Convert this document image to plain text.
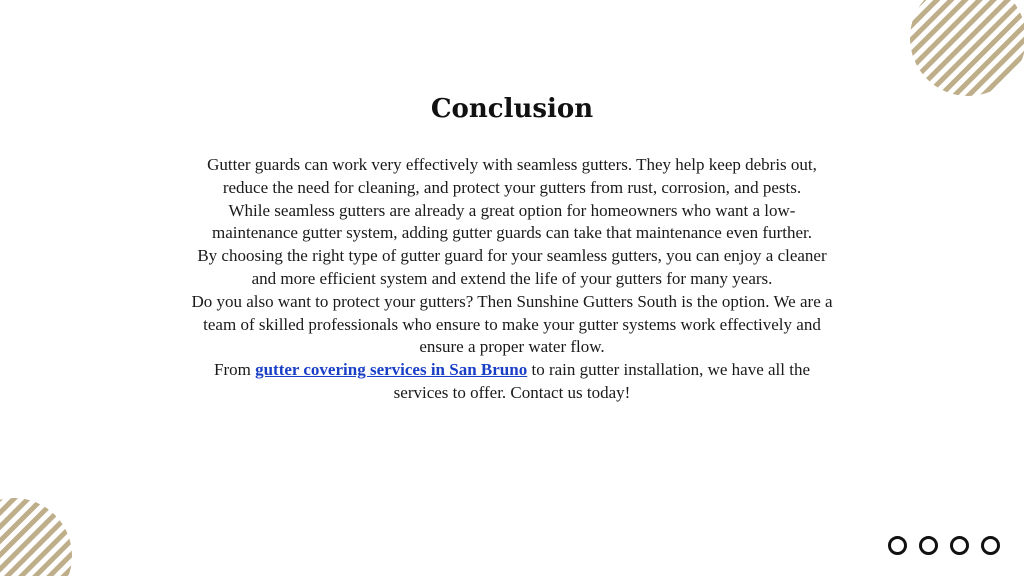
Conclusion

Gutter guards can work very effectively with seamless gutters. They help keep debris out, reduce the need for cleaning, and protect your gutters from rust, corrosion, and pests.

While seamless gutters are already a great option for homeowners who want a low-maintenance gutter system, adding gutter guards can take that maintenance even further.

By choosing the right type of gutter guard for your seamless gutters, you can enjoy a cleaner and more efficient system and extend the life of your gutters for many years.

Do you also want to protect your gutters? Then Sunshine Gutters South is the option. We are a team of skilled professionals who ensure to make your gutter systems work effectively and ensure a proper water flow.

From gutter covering services in San Bruno to rain gutter installation, we have all the services to offer. Contact us today!
